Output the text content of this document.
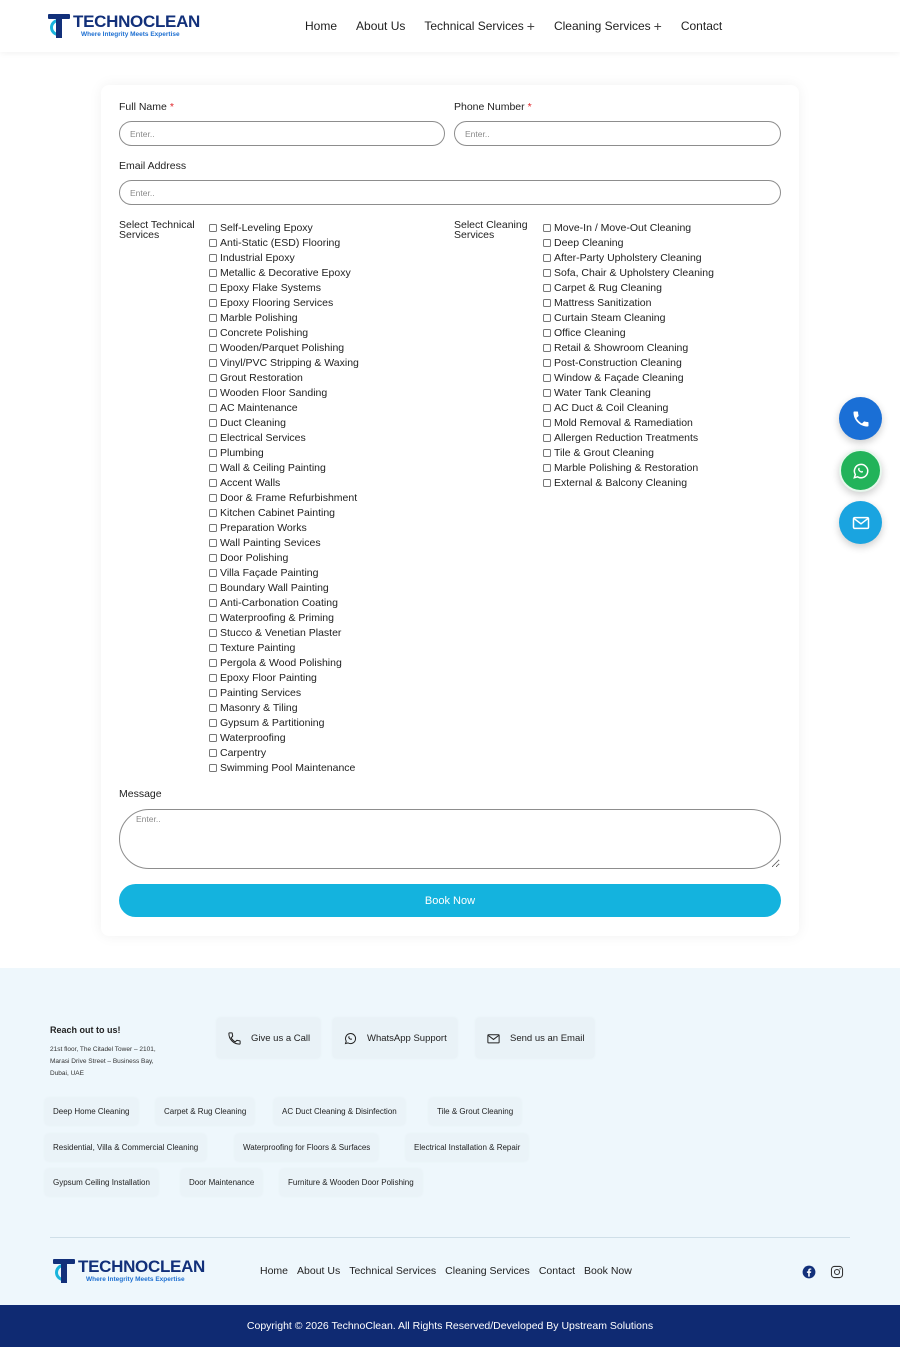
TECHNOCLEAN
Where Integrity Meets Expertise
Home About Us Technical Services + Cleaning Services + Contact
Full Name *
Enter..	Phone Number *
Enter..
Email Address
Enter..
Select Technical Services
Self-Leveling Epoxy
Anti-Static (ESD) Flooring
Industrial Epoxy
Metallic & Decorative Epoxy
Epoxy Flake Systems
Epoxy Flooring Services
Marble Polishing
Concrete Polishing
Wooden/Parquet Polishing
Vinyl/PVC Stripping & Waxing
Grout Restoration
Wooden Floor Sanding
AC Maintenance
Duct Cleaning
Electrical Services
Plumbing
Wall & Ceiling Painting
Accent Walls
Door & Frame Refurbishment
Kitchen Cabinet Painting
Preparation Works
Wall Painting Sevices
Door Polishing
Villa Façade Painting
Boundary Wall Painting
Anti-Carbonation Coating
Waterproofing & Priming
Stucco & Venetian Plaster
Texture Painting
Pergola & Wood Polishing
Epoxy Floor Painting
Painting Services
Masonry & Tiling
Gypsum & Partitioning
Waterproofing
Carpentry
Swimming Pool Maintenance
Select Cleaning Services
Move-In / Move-Out Cleaning
Deep Cleaning
After-Party Upholstery Cleaning
Sofa, Chair & Upholstery Cleaning
Carpet & Rug Cleaning
Mattress Sanitization
Curtain Steam Cleaning
Office Cleaning
Retail & Showroom Cleaning
Post-Construction Cleaning
Window & Façade Cleaning
Water Tank Cleaning
AC Duct & Coil Cleaning
Mold Removal & Ramediation
Allergen Reduction Treatments
Tile & Grout Cleaning
Marble Polishing & Restoration
External & Balcony Cleaning
Message
Enter..
Book Now
Reach out to us!
21st floor, The Citadel Tower – 2101, Marasi Drive Street – Business Bay, Dubai, UAE
Give us a Call	WhatsApp Support	Send us an Email
Deep Home Cleaning	Carpet & Rug Cleaning	AC Duct Cleaning & Disinfection	Tile & Grout Cleaning
Residential, Villa & Commercial Cleaning	Waterproofing for Floors & Surfaces	Electrical Installation & Repair
Gypsum Ceiling Installation	Door Maintenance	Furniture & Wooden Door Polishing
TECHNOCLEAN
Where Integrity Meets Expertise
Home About Us Technical Services Cleaning Services Contact Book Now
Copyright © 2026 TechnoClean. All Rights Reserved/Developed By Upstream Solutions
